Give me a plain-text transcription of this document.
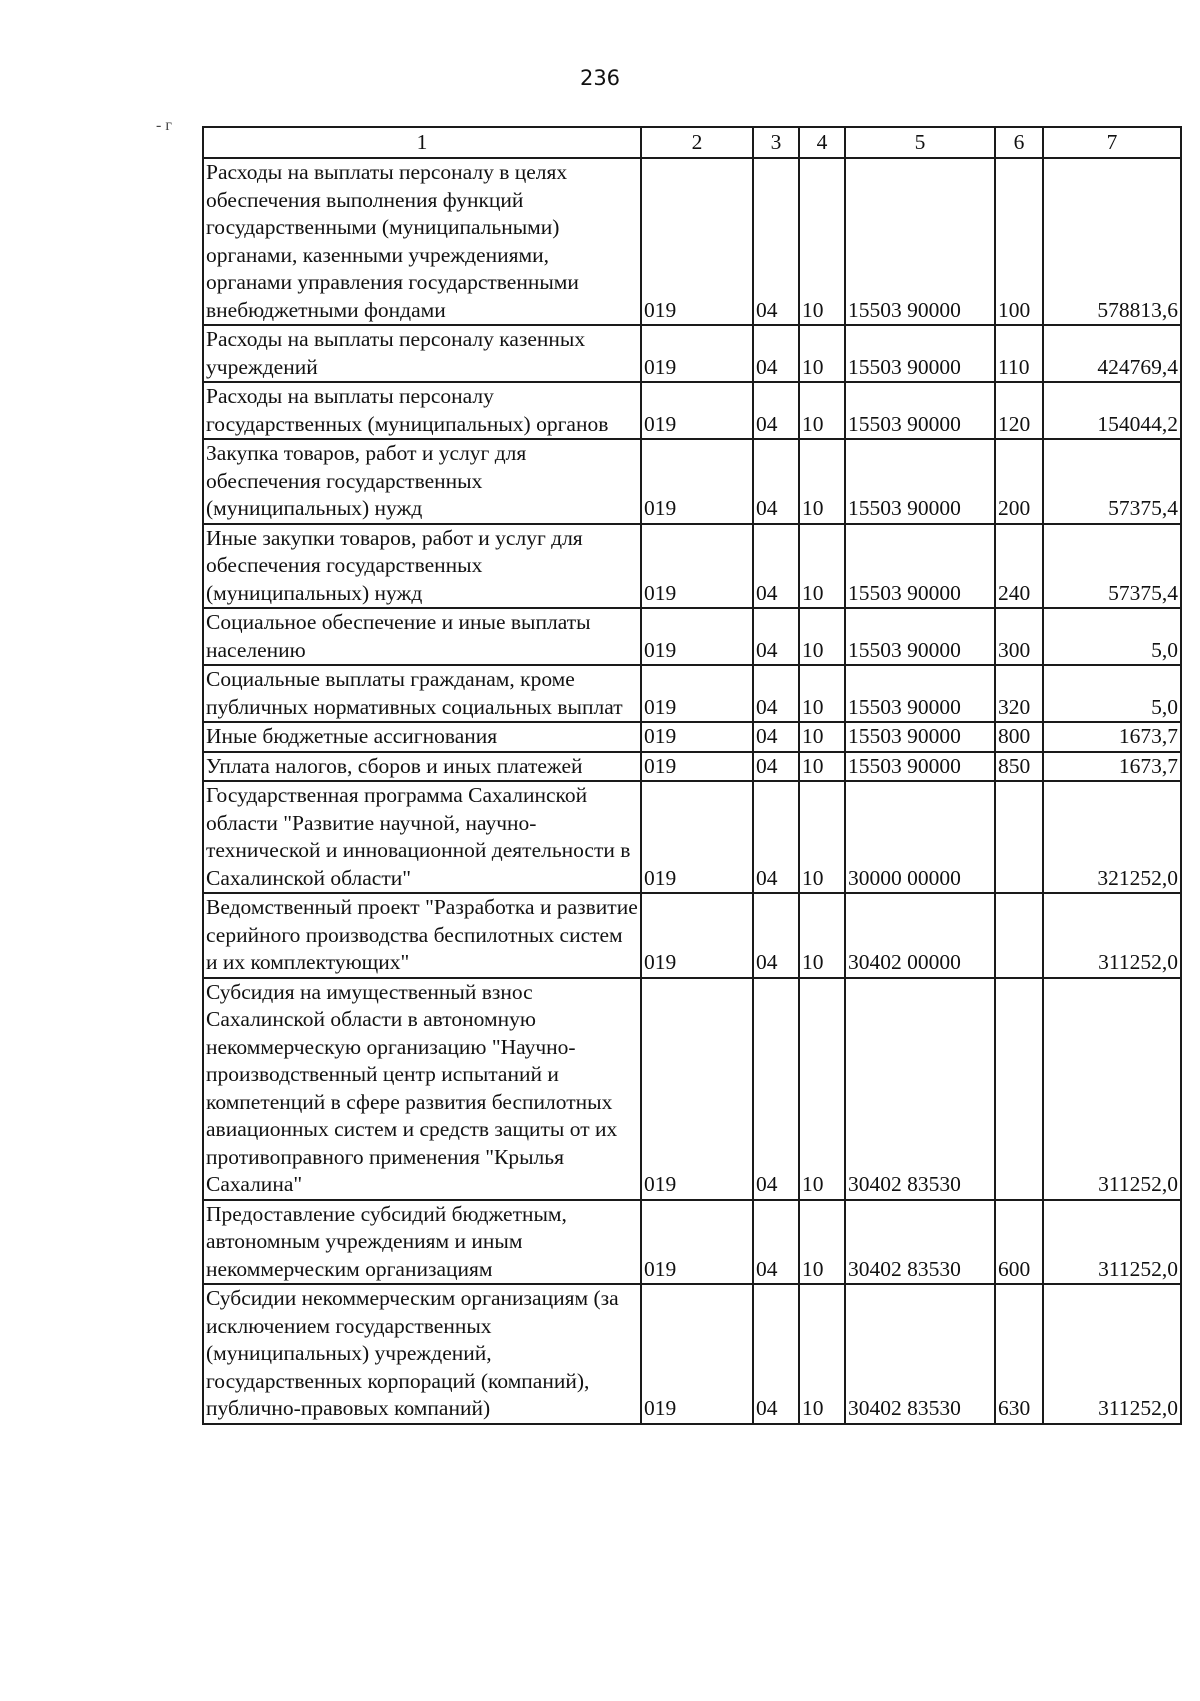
236
- г
1	2	3	4	5	6	7
Расходы на выплаты персоналу в целях обеспечения выполнения функций государственными (муниципальными) органами, казенными учреждениями, органами управления государственными внебюджетными фондами	019	04	10	15503 90000	100	578813,6
Расходы на выплаты персоналу казенных учреждений	019	04	10	15503 90000	110	424769,4
Расходы на выплаты персоналу государственных (муниципальных) органов	019	04	10	15503 90000	120	154044,2
Закупка товаров, работ и услуг для обеспечения государственных (муниципальных) нужд	019	04	10	15503 90000	200	57375,4
Иные закупки товаров, работ и услуг для обеспечения государственных (муниципальных) нужд	019	04	10	15503 90000	240	57375,4
Социальное обеспечение и иные выплаты населению	019	04	10	15503 90000	300	5,0
Социальные выплаты гражданам, кроме публичных нормативных социальных выплат	019	04	10	15503 90000	320	5,0
Иные бюджетные ассигнования	019	04	10	15503 90000	800	1673,7
Уплата налогов, сборов и иных платежей	019	04	10	15503 90000	850	1673,7
Государственная программа Сахалинской области "Развитие научной, научно-технической и инновационной деятельности в Сахалинской области"	019	04	10	30000 00000		321252,0
Ведомственный проект "Разработка и развитие серийного производства беспилотных систем и их комплектующих"	019	04	10	30402 00000		311252,0
Субсидия на имущественный взнос Сахалинской области в автономную некоммерческую организацию "Научно-производственный центр испытаний и компетенций в сфере развития беспилотных авиационных систем и средств защиты от их противоправного применения "Крылья Сахалина"	019	04	10	30402 83530		311252,0
Предоставление субсидий бюджетным, автономным учреждениям и иным некоммерческим организациям	019	04	10	30402 83530	600	311252,0
Субсидии некоммерческим организациям (за исключением государственных (муниципальных) учреждений, государственных корпораций (компаний), публично-правовых компаний)	019	04	10	30402 83530	630	311252,0
